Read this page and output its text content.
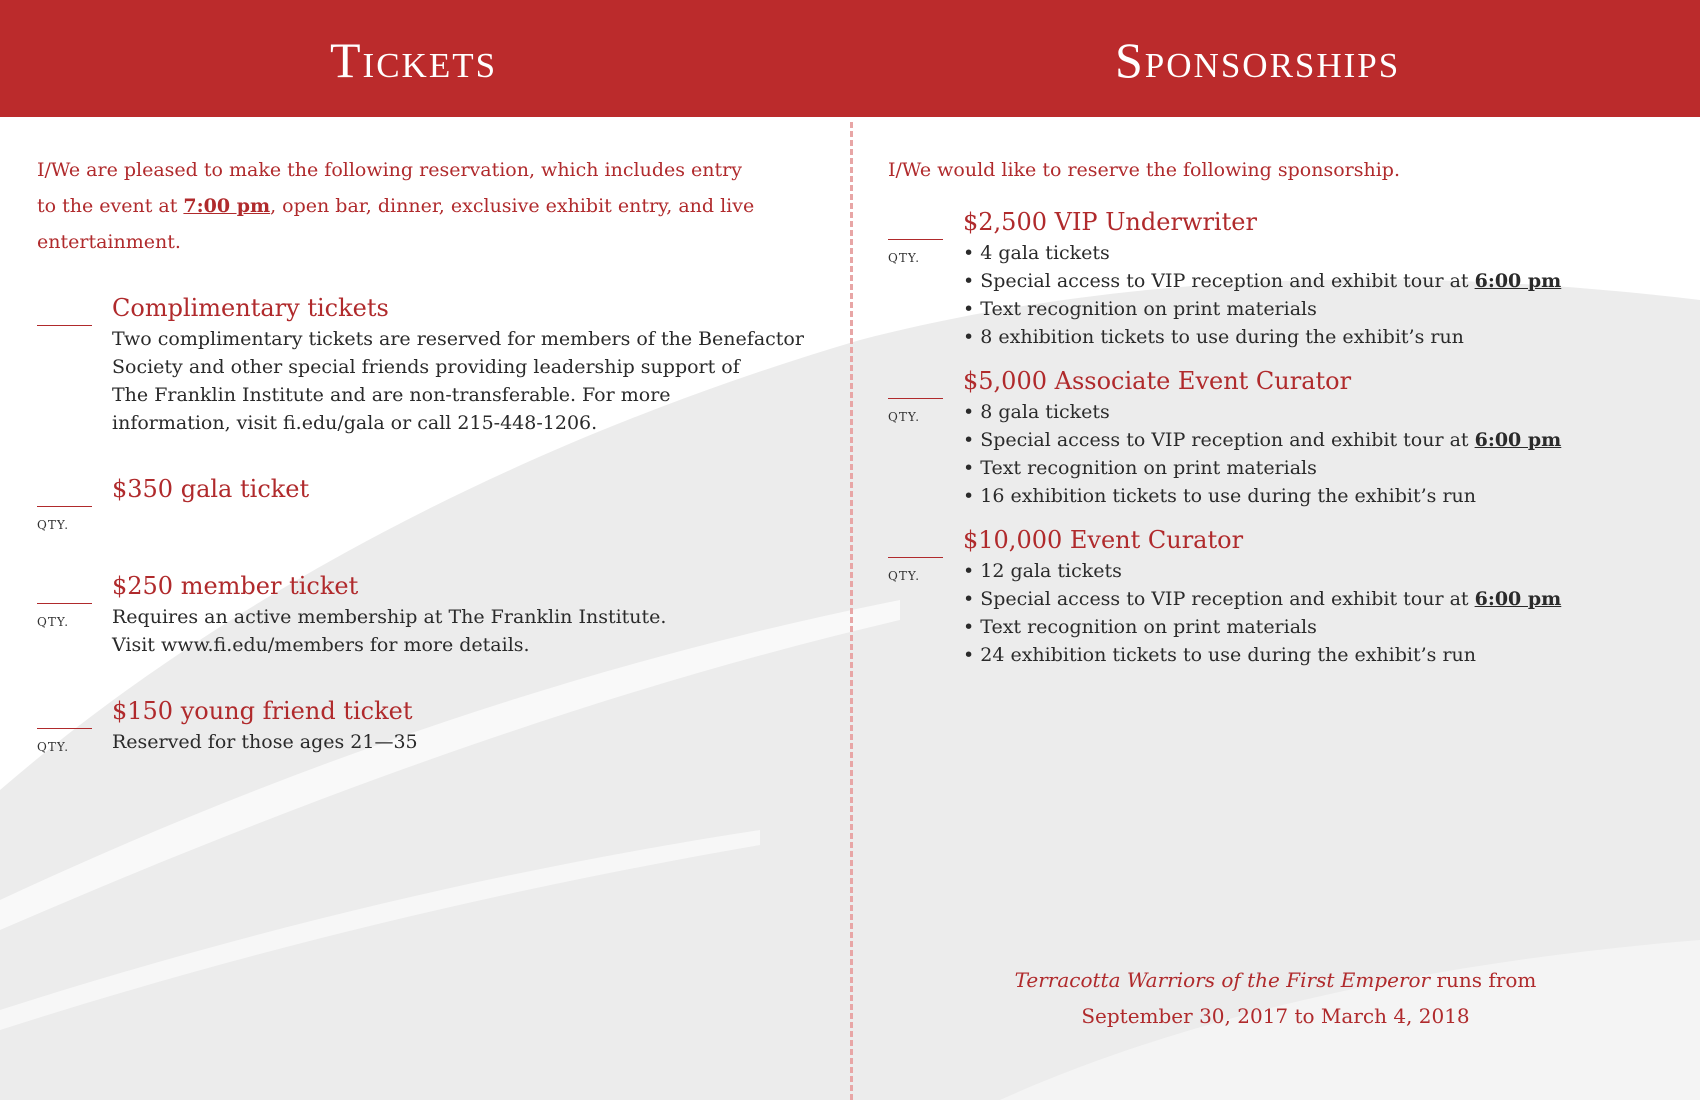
Tickets	Sponsorships
I/We are pleased to make the following reservation, which includes entry
to the event at 7:00 pm, open bar, dinner, exclusive exhibit entry, and live
entertainment.
Complimentary tickets
Two complimentary tickets are reserved for members of the Benefactor
Society and other special friends providing leadership support of
The Franklin Institute and are non-transferable. For more
information, visit fi.edu/gala or call 215-448-1206.
QTY.
$350 gala ticket
QTY.
$250 member ticket
Requires an active membership at The Franklin Institute.
Visit www.fi.edu/members for more details.
QTY.
$150 young friend ticket
Reserved for those ages 21—35
I/We would like to reserve the following sponsorship.
QTY.
$2,500 VIP Underwriter
• 4 gala tickets
• Special access to VIP reception and exhibit tour at 6:00 pm
• Text recognition on print materials
• 8 exhibition tickets to use during the exhibit’s run
QTY.
$5,000 Associate Event Curator
• 8 gala tickets
• Special access to VIP reception and exhibit tour at 6:00 pm
• Text recognition on print materials
• 16 exhibition tickets to use during the exhibit’s run
QTY.
$10,000 Event Curator
• 12 gala tickets
• Special access to VIP reception and exhibit tour at 6:00 pm
• Text recognition on print materials
• 24 exhibition tickets to use during the exhibit’s run
Terracotta Warriors of the First Emperor runs from
September 30, 2017 to March 4, 2018
